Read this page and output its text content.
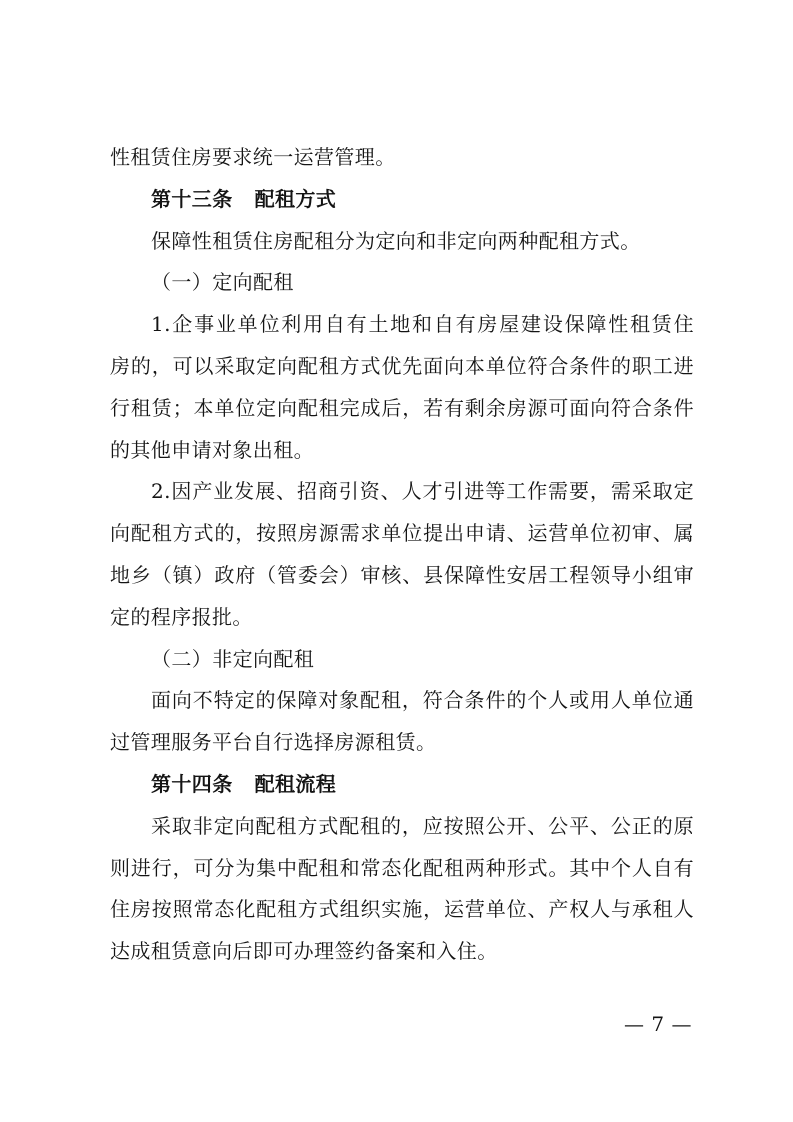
性租赁住房要求统一运营管理。
第十三条 配租方式
保障性租赁住房配租分为定向和非定向两种配租方式。
（一）定向配租
1.企事业单位利用自有土地和自有房屋建设保障性租赁住
房的，可以采取定向配租方式优先面向本单位符合条件的职工进
行租赁；本单位定向配租完成后，若有剩余房源可面向符合条件
的其他申请对象出租。
2.因产业发展、招商引资、人才引进等工作需要，需采取定
向配租方式的，按照房源需求单位提出申请、运营单位初审、属
地乡（镇）政府（管委会）审核、县保障性安居工程领导小组审
定的程序报批。
（二）非定向配租
面向不特定的保障对象配租，符合条件的个人或用人单位通
过管理服务平台自行选择房源租赁。
第十四条 配租流程
采取非定向配租方式配租的，应按照公开、公平、公正的原
则进行，可分为集中配租和常态化配租两种形式。其中个人自有
住房按照常态化配租方式组织实施，运营单位、产权人与承租人
达成租赁意向后即可办理签约备案和入住。
— 7 —
